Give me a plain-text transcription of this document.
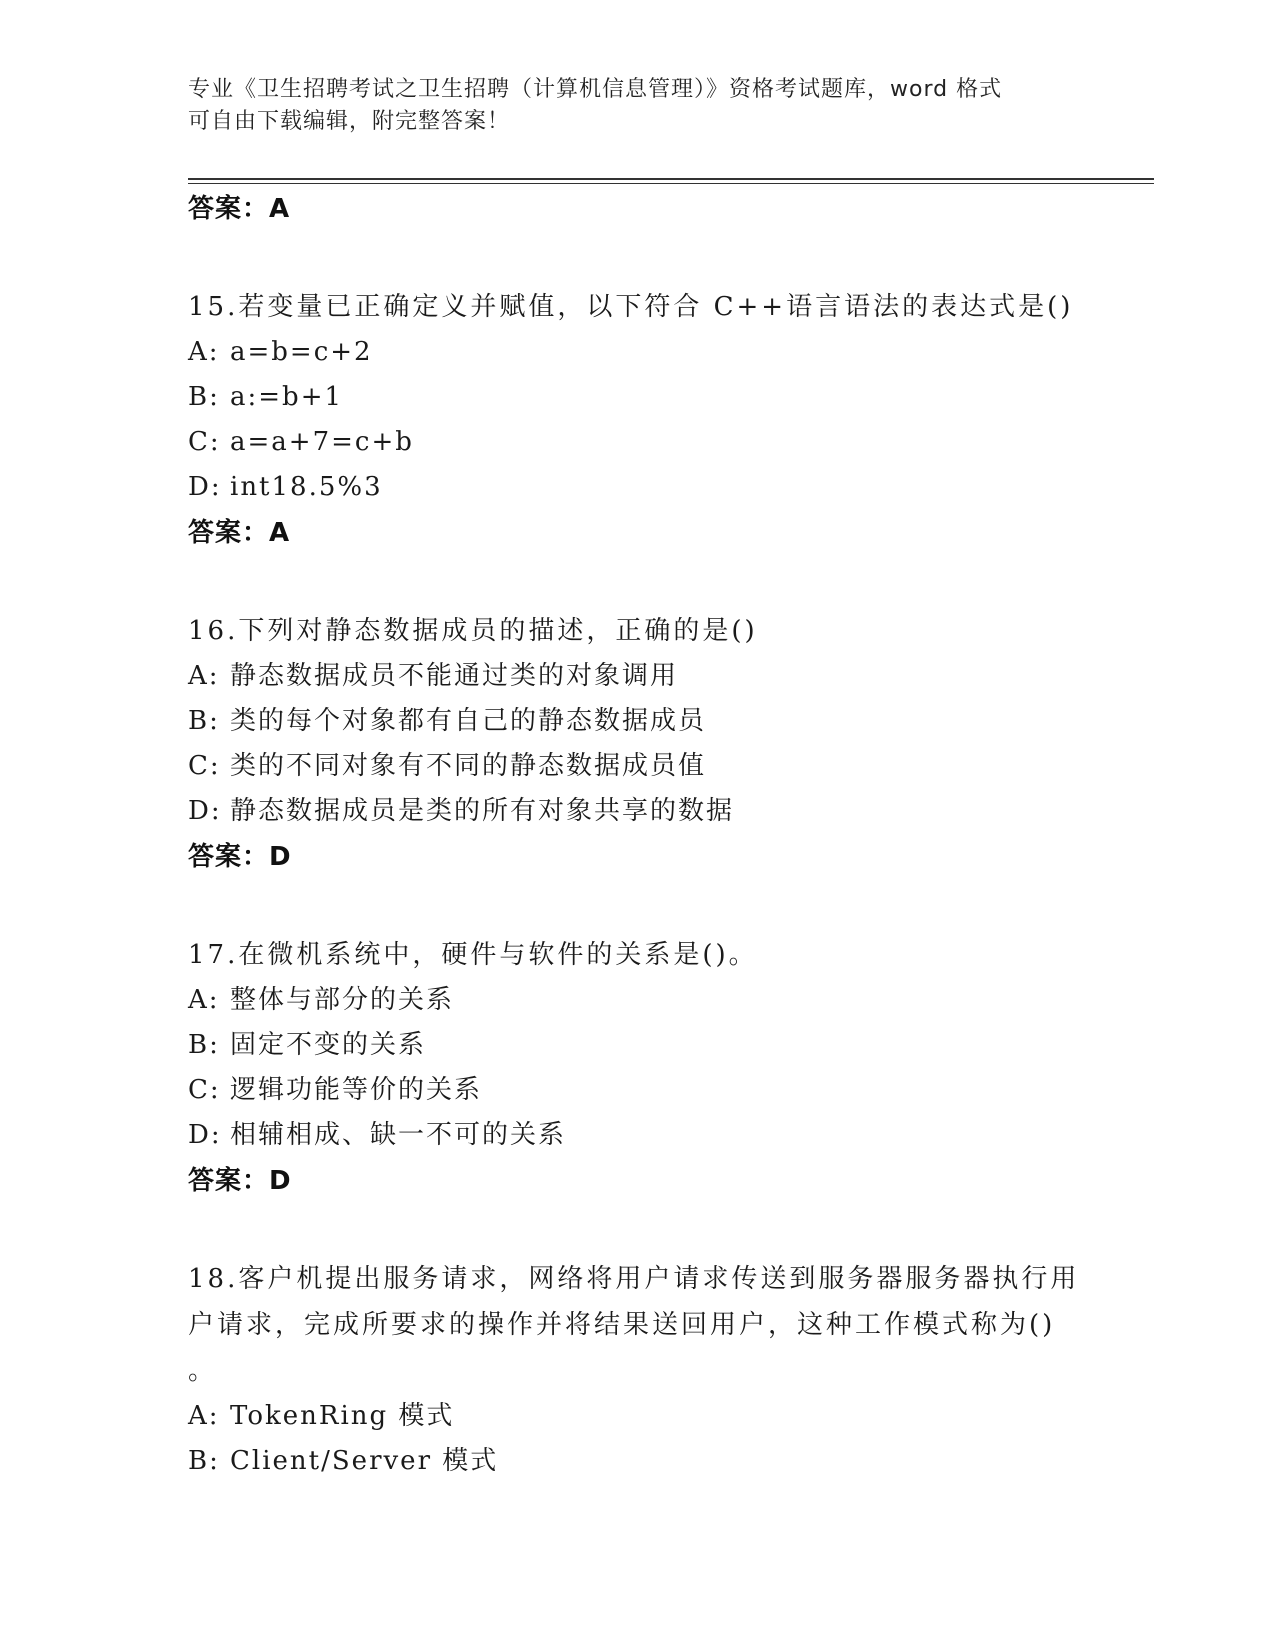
专业《卫生招聘考试之卫生招聘（计算机信息管理）》资格考试题库，word 格式
可自由下载编辑，附完整答案！
答案：A
15.若变量已正确定义并赋值，以下符合 C++语言语法的表达式是()
A: a=b=c+2
B: a:=b+1
C: a=a+7=c+b
D: int18.5%3
答案：A
16.下列对静态数据成员的描述，正确的是()
A: 静态数据成员不能通过类的对象调用
B: 类的每个对象都有自己的静态数据成员
C: 类的不同对象有不同的静态数据成员值
D: 静态数据成员是类的所有对象共享的数据
答案：D
17.在微机系统中，硬件与软件的关系是()。
A: 整体与部分的关系
B: 固定不变的关系
C: 逻辑功能等价的关系
D: 相辅相成、缺一不可的关系
答案：D
18.客户机提出服务请求，网络将用户请求传送到服务器服务器执行用
户请求，完成所要求的操作并将结果送回用户，这种工作模式称为()
。
A: TokenRing 模式
B: Client/Server 模式
